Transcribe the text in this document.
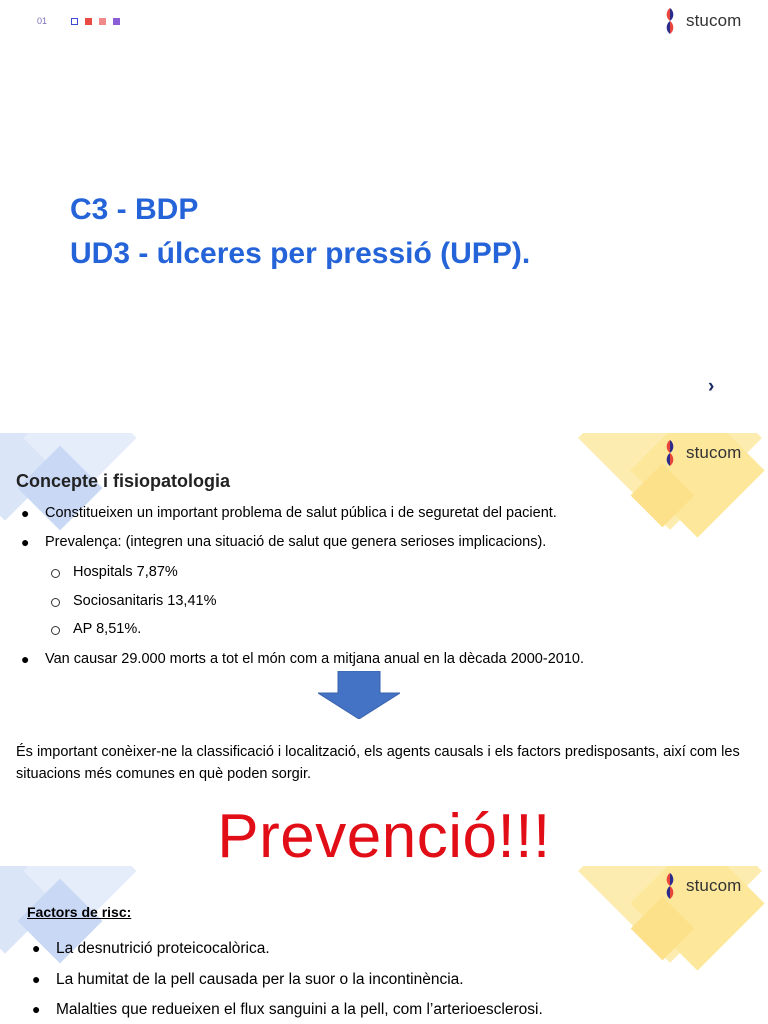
01	stucom
C3 - BDP
UD3 - úlceres per pressió (UPP).
›
stucom
Concepte i fisiopatologia
● Constitueixen un important problema de salut pública i de seguretat del pacient.
● Prevalença: (integren una situació de salut que genera serioses implicacions).
Hospitals 7,87%
Sociosanitaris 13,41%
AP 8,51%.
● Van causar 29.000 morts a tot el món com a mitjana anual en la dècada 2000-2010.
És important conèixer-ne la classificació i localització, els agents causals i els factors predisposants, així com les situacions més comunes en què poden sorgir.
Prevenció!!!
stucom
Factors de risc:
● La desnutrició proteicocalòrica.
● La humitat de la pell causada per la suor o la incontinència.
● Malalties que redueixen el flux sanguini a la pell, com l’arterioesclerosi.
